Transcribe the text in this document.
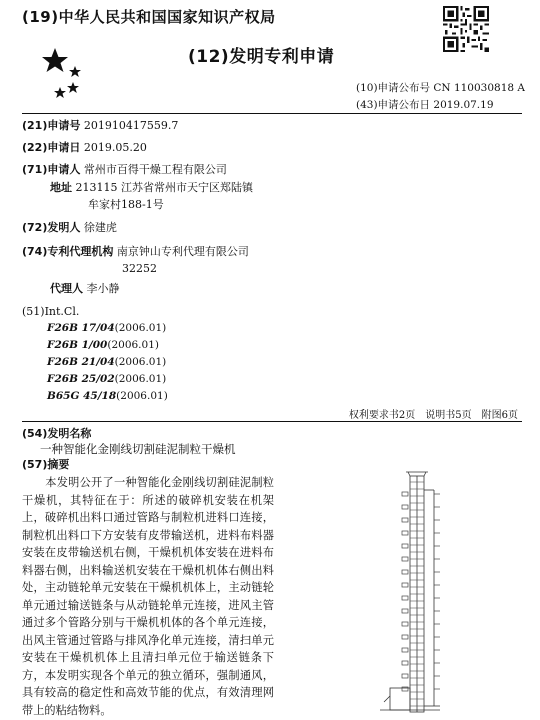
(19)中华人民共和国国家知识产权局
(12)发明专利申请
(10)申请公布号 CN 110030818 A
(43)申请公布日 2019.07.19
(21)申请号 201910417559.7
(22)申请日 2019.05.20
(71)申请人 常州市百得干燥工程有限公司
地址 213115 江苏省常州市天宁区郑陆镇
牟家村188-1号
(72)发明人 徐建虎
(74)专利代理机构 南京钟山专利代理有限公司
32252
代理人 李小静
(51)Int.Cl.
F26B 17/04(2006.01)
F26B 1/00(2006.01)
F26B 21/04(2006.01)
F26B 25/02(2006.01)
B65G 45/18(2006.01)
权利要求书2页　说明书5页　附图6页
(54)发明名称
一种智能化金刚线切割硅泥制粒干燥机
(57)摘要
本发明公开了一种智能化金刚线切割硅泥制粒干燥机，其特征在于：所述的破碎机安装在机架上，破碎机出料口通过管路与制粒机进料口连接，制粒机出料口下方安装有皮带输送机，进料布料器安装在皮带输送机右侧，干燥机机体安装在进料布料器右侧，出料输送机安装在干燥机机体右侧出料处，主动链轮单元安装在干燥机机体上，主动链轮单元通过输送链条与从动链轮单元连接，进风主管通过多个管路分别与干燥机机体的各个单元连接，出风主管通过管路与排风净化单元连接，清扫单元安装在干燥机机体上且清扫单元位于输送链条下方，本发明实现各个单元的独立循环，强制通风，具有较高的稳定性和高效节能的优点，有效清理网带上的粘结物料。
